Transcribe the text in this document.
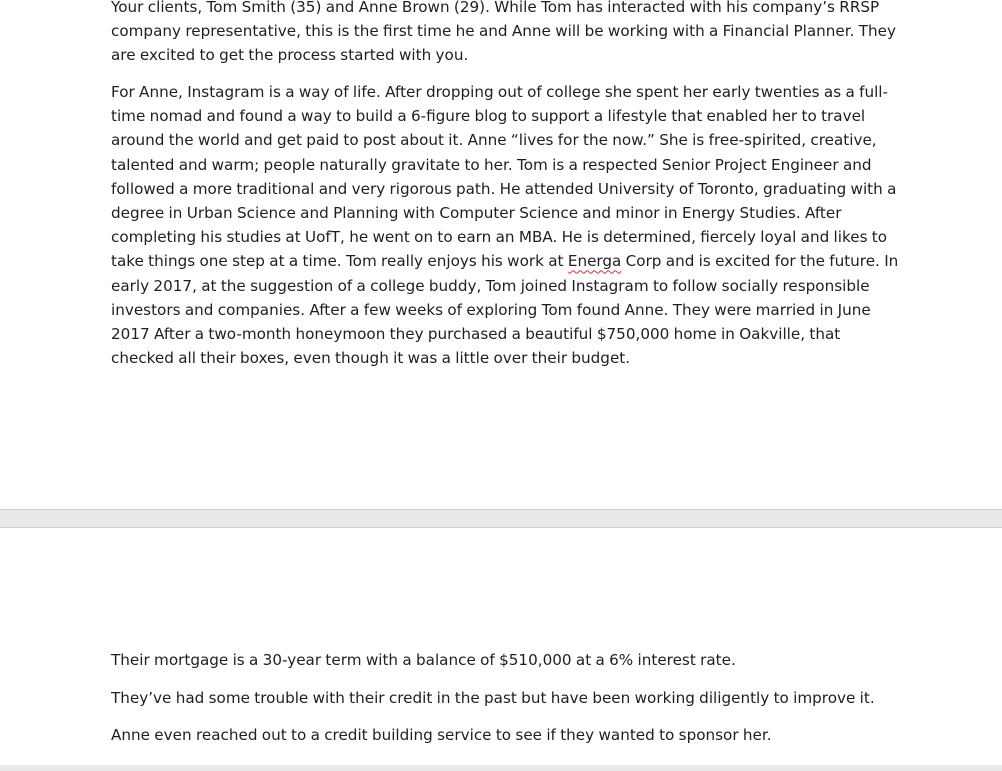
Your clients, Tom Smith (35) and Anne Brown (29). While Tom has interacted with his company’s RRSP
company representative, this is the first time he and Anne will be working with a Financial Planner. They
are excited to get the process started with you.

For Anne, Instagram is a way of life. After dropping out of college she spent her early twenties as a full-
time nomad and found a way to build a 6-figure blog to support a lifestyle that enabled her to travel
around the world and get paid to post about it. Anne “lives for the now.” She is free-spirited, creative,
talented and warm; people naturally gravitate to her. Tom is a respected Senior Project Engineer and
followed a more traditional and very rigorous path. He attended University of Toronto, graduating with a
degree in Urban Science and Planning with Computer Science and minor in Energy Studies. After
completing his studies at UofT, he went on to earn an MBA. He is determined, fiercely loyal and likes to
take things one step at a time. Tom really enjoys his work at Energa Corp and is excited for the future. In
early 2017, at the suggestion of a college buddy, Tom joined Instagram to follow socially responsible
investors and companies. After a few weeks of exploring Tom found Anne. They were married in June
2017 After a two-month honeymoon they purchased a beautiful $750,000 home in Oakville, that
checked all their boxes, even though it was a little over their budget.

Their mortgage is a 30-year term with a balance of $510,000 at a 6% interest rate.

They’ve had some trouble with their credit in the past but have been working diligently to improve it.

Anne even reached out to a credit building service to see if they wanted to sponsor her.
